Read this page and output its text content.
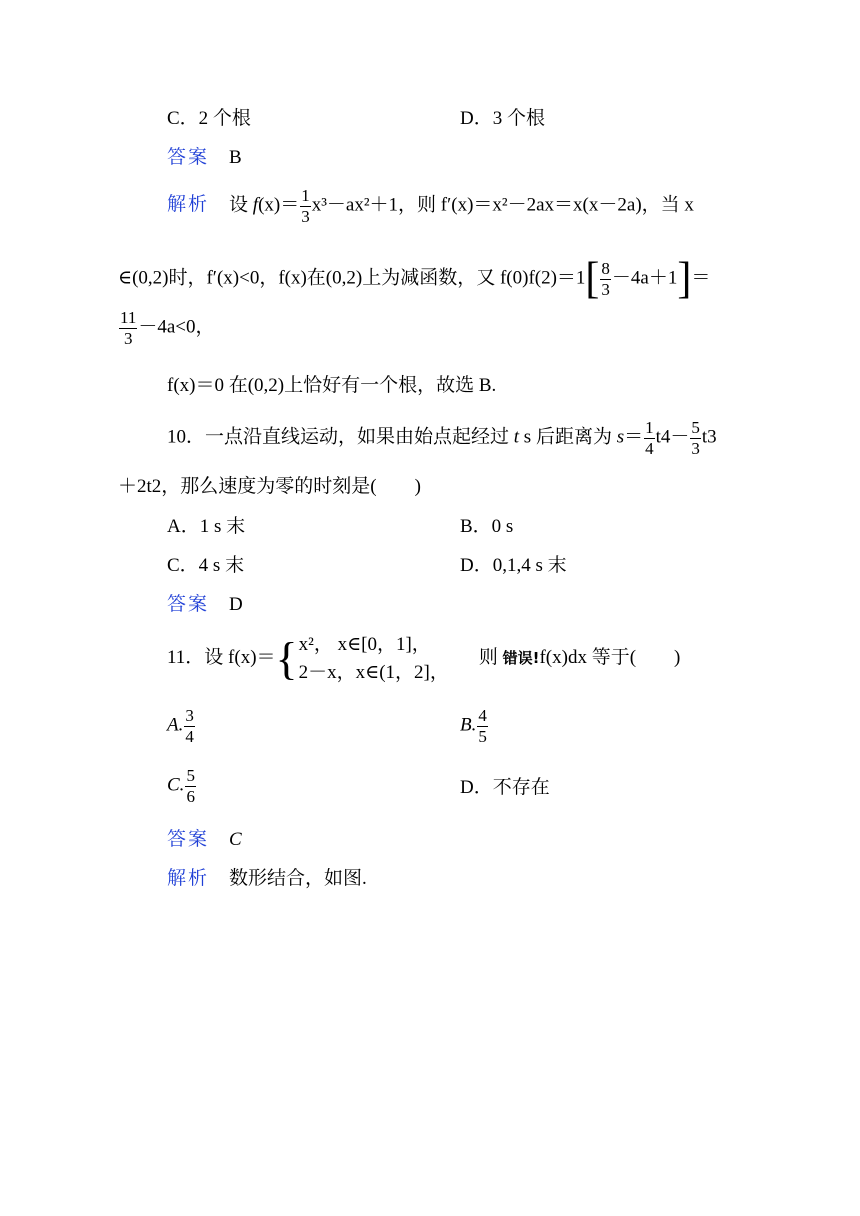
C．2 个根	D．3 个根
答案 B
解析 设 $f(x)= \frac{1}{3} x^3-ax^2+1$，则 f′(x)＝x²－2ax＝x(x－2a)，当 x
∈(0,2)时，f′(x)<0，f(x)在(0,2)上为减函数，又 $f(0)f(2)=1[ \frac{8}{3} -4a+1]=$
$\frac{11}{3} -4a<0$，
f(x)＝0 在(0,2)上恰好有一个根，故选 B.
10．一点沿直线运动，如果由始点起经过 t s 后距离为 $s= \frac{1}{4} t4- \frac{5}{3} t3$
＋2t2，那么速度为零的时刻是(　　)
A．1 s 末	B．0 s
C．4 s 末	D．0,1,4 s 末
答案 D
11．设 f(x)＝{ x²， x∈[0，1]，
2－x，x∈(1，2]，
则 错误!f(x)dx 等于(　　)
A. $\frac{3}{4}$	B. $\frac{4}{5}$
C. $\frac{5}{6}$	D．不存在
答案 C
解析 数形结合，如图.
